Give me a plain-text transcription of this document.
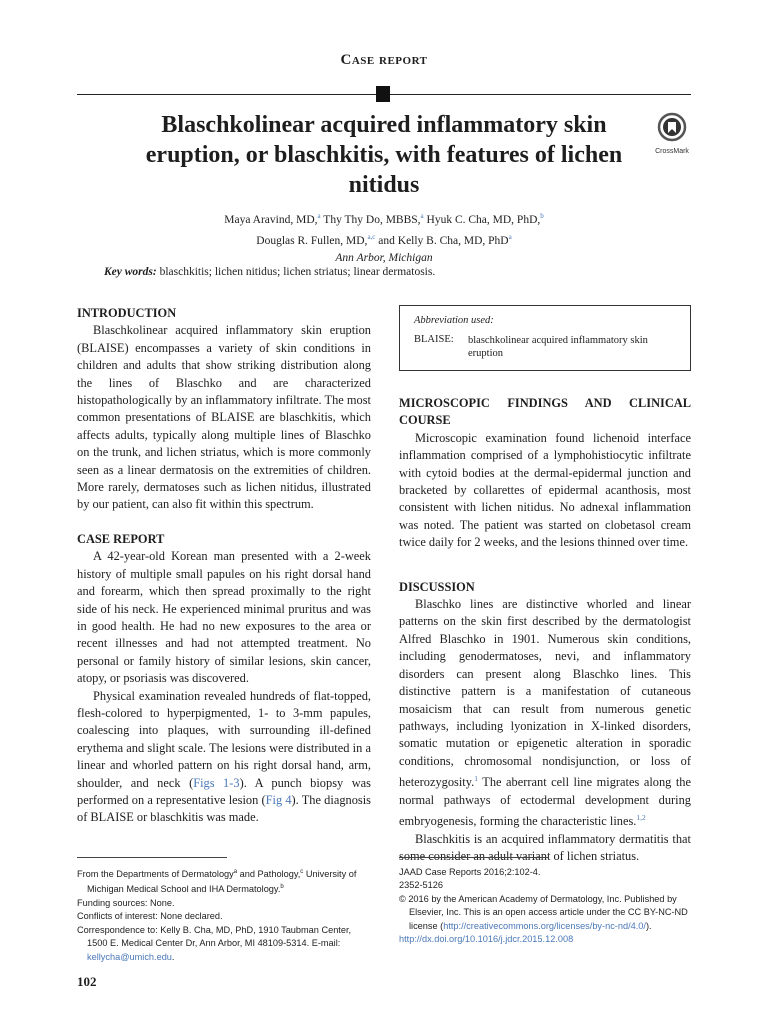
Case report
Blaschkolinear acquired inflammatory skin eruption, or blaschkitis, with features of lichen nitidus
CrossMark
Maya Aravind, MD,$^a$ Thy Thy Do, MBBS,$^a$ Hyuk C. Cha, MD, PhD,$^b$
Douglas R. Fullen, MD,$^{a,c}$ and Kelly B. Cha, MD, PhD$^a$
Ann Arbor, Michigan
Key words: blaschkitis; lichen nitidus; lichen striatus; linear dermatosis.
INTRODUCTION

Blaschkolinear acquired inflammatory skin eruption (BLAISE) encompasses a variety of skin conditions in children and adults that show striking distribution along the lines of Blaschko and are characterized histopathologically by an inflammatory infiltrate. The most common presentations of BLAISE are blaschkitis, which affects adults, typically along multiple lines of Blaschko on the trunk, and lichen striatus, which is more commonly seen as a linear dermatosis on the extremities of children. More rarely, dermatoses such as lichen nitidus, illustrated by our patient, can also fit within this spectrum.

CASE REPORT

A 42-year-old Korean man presented with a 2-week history of multiple small papules on his right dorsal hand and forearm, which then spread proximally to the right side of his neck. He experienced minimal pruritus and was in good health. He had no new exposures to the area or recent illnesses and had not attempted treatment. No personal or family history of similar lesions, skin cancer, atopy, or psoriasis was discovered.

Physical examination revealed hundreds of flat-topped, flesh-colored to hyperpigmented, 1- to 3-mm papules, coalescing into plaques, with surrounding ill-defined erythema and slight scale. The lesions were distributed in a linear and whorled pattern on his right dorsal hand, arm, shoulder, and neck (Figs 1-3). A punch biopsy was performed on a representative lesion (Fig 4). The diagnosis of BLAISE or blaschkitis was made.

Abbreviation used:
BLAISE: blaschkolinear acquired inflammatory skin eruption
MICROSCOPIC FINDINGS AND CLINICAL COURSE

Microscopic examination found lichenoid interface inflammation comprised of a lymphohistiocytic infiltrate with cytoid bodies at the dermal-epidermal junction and bracketed by collarettes of epidermal acanthosis, most consistent with lichen nitidus. No adnexal inflammation was noted. The patient was started on clobetasol cream twice daily for 2 weeks, and the lesions thinned over time.

DISCUSSION

Blaschko lines are distinctive whorled and linear patterns on the skin first described by the dermatologist Alfred Blaschko in 1901. Numerous skin conditions, including genodermatoses, nevi, and inflammatory disorders can present along Blaschko lines. This distinctive pattern is a manifestation of cutaneous mosaicism that can result from numerous genetic pathways, including lyonization in X-linked disorders, somatic mutation or epigenetic alteration in sporadic conditions, chromosomal nondisjunction, or loss of heterozygosity.$^1$ The aberrant cell line migrates along the normal pathways of ectodermal development during embryogenesis, forming the characteristic lines.$^{1,2}$

Blaschkitis is an acquired inflammatory dermatitis that some consider an adult variant of lichen striatus.

From the Departments of Dermatology$^a$ and Pathology,$^c$ University of Michigan Medical School and IHA Dermatology.$^b$
Funding sources: None.
Conflicts of interest: None declared.
Correspondence to: Kelly B. Cha, MD, PhD, 1910 Taubman Center, 1500 E. Medical Center Dr, Ann Arbor, MI 48109-5314. E-mail: kellycha@umich.edu.
JAAD Case Reports 2016;2:102-4.
2352-5126
© 2016 by the American Academy of Dermatology, Inc. Published by Elsevier, Inc. This is an open access article under the CC BY-NC-ND license (http://creativecommons.org/licenses/by-nc-nd/4.0/).
http://dx.doi.org/10.1016/j.jdcr.2015.12.008
102
